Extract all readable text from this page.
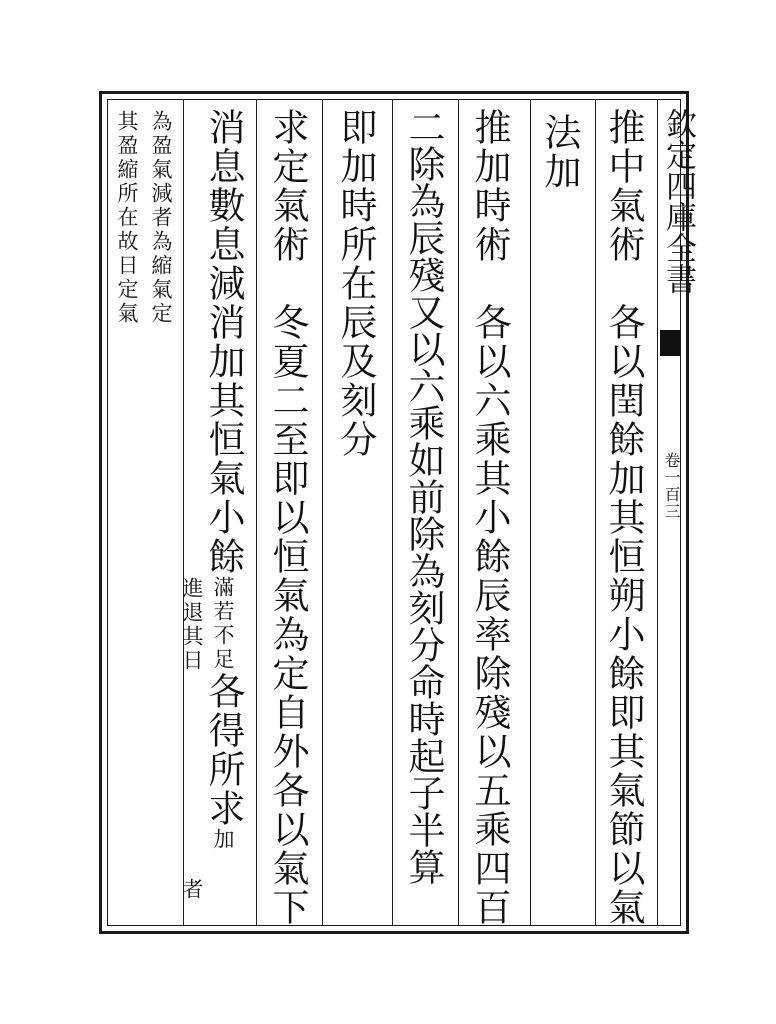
欽定四庫全書
卷一百三
推中氣術　各以閏餘加其恒朔小餘即其氣節以氣
法加
推加時術　各以六乘其小餘辰率除殘以五乘四百
二除為辰殘又以六乘如前除為刻分命時起子半算
即加時所在辰及刻分
求定氣術　冬夏二至即以恒氣為定自外各以氣下
消息數息減消加其恒氣小餘滿若不足各得所求加
進退其日
者
為盈氣減者為縮氣定
其盈縮所在故日定氣
